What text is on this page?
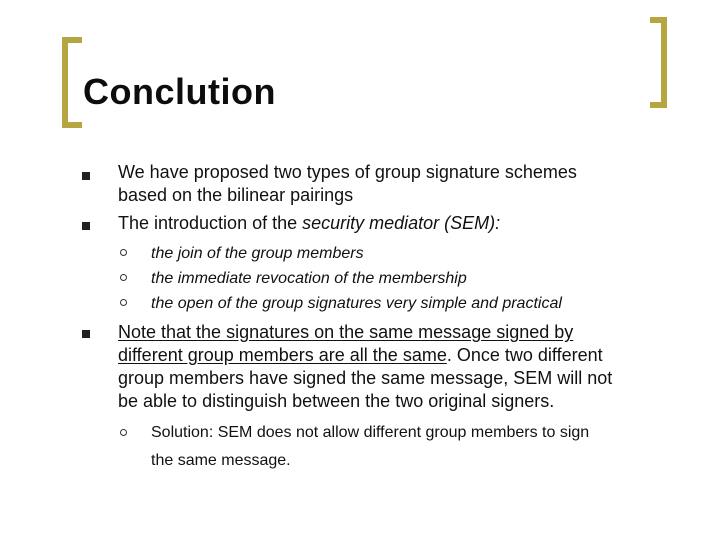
Conclution
We have proposed two types of group signature schemes
based on the bilinear pairings
The introduction of the security mediator (SEM):
the join of the group members
the immediate revocation of the membership
the open of the group signatures very simple and practical
Note that the signatures on the same message signed by
different group members are all the same. Once two different
group members have signed the same message, SEM will not
be able to distinguish between the two original signers.
Solution: SEM does not allow different group members to sign
the same message.
